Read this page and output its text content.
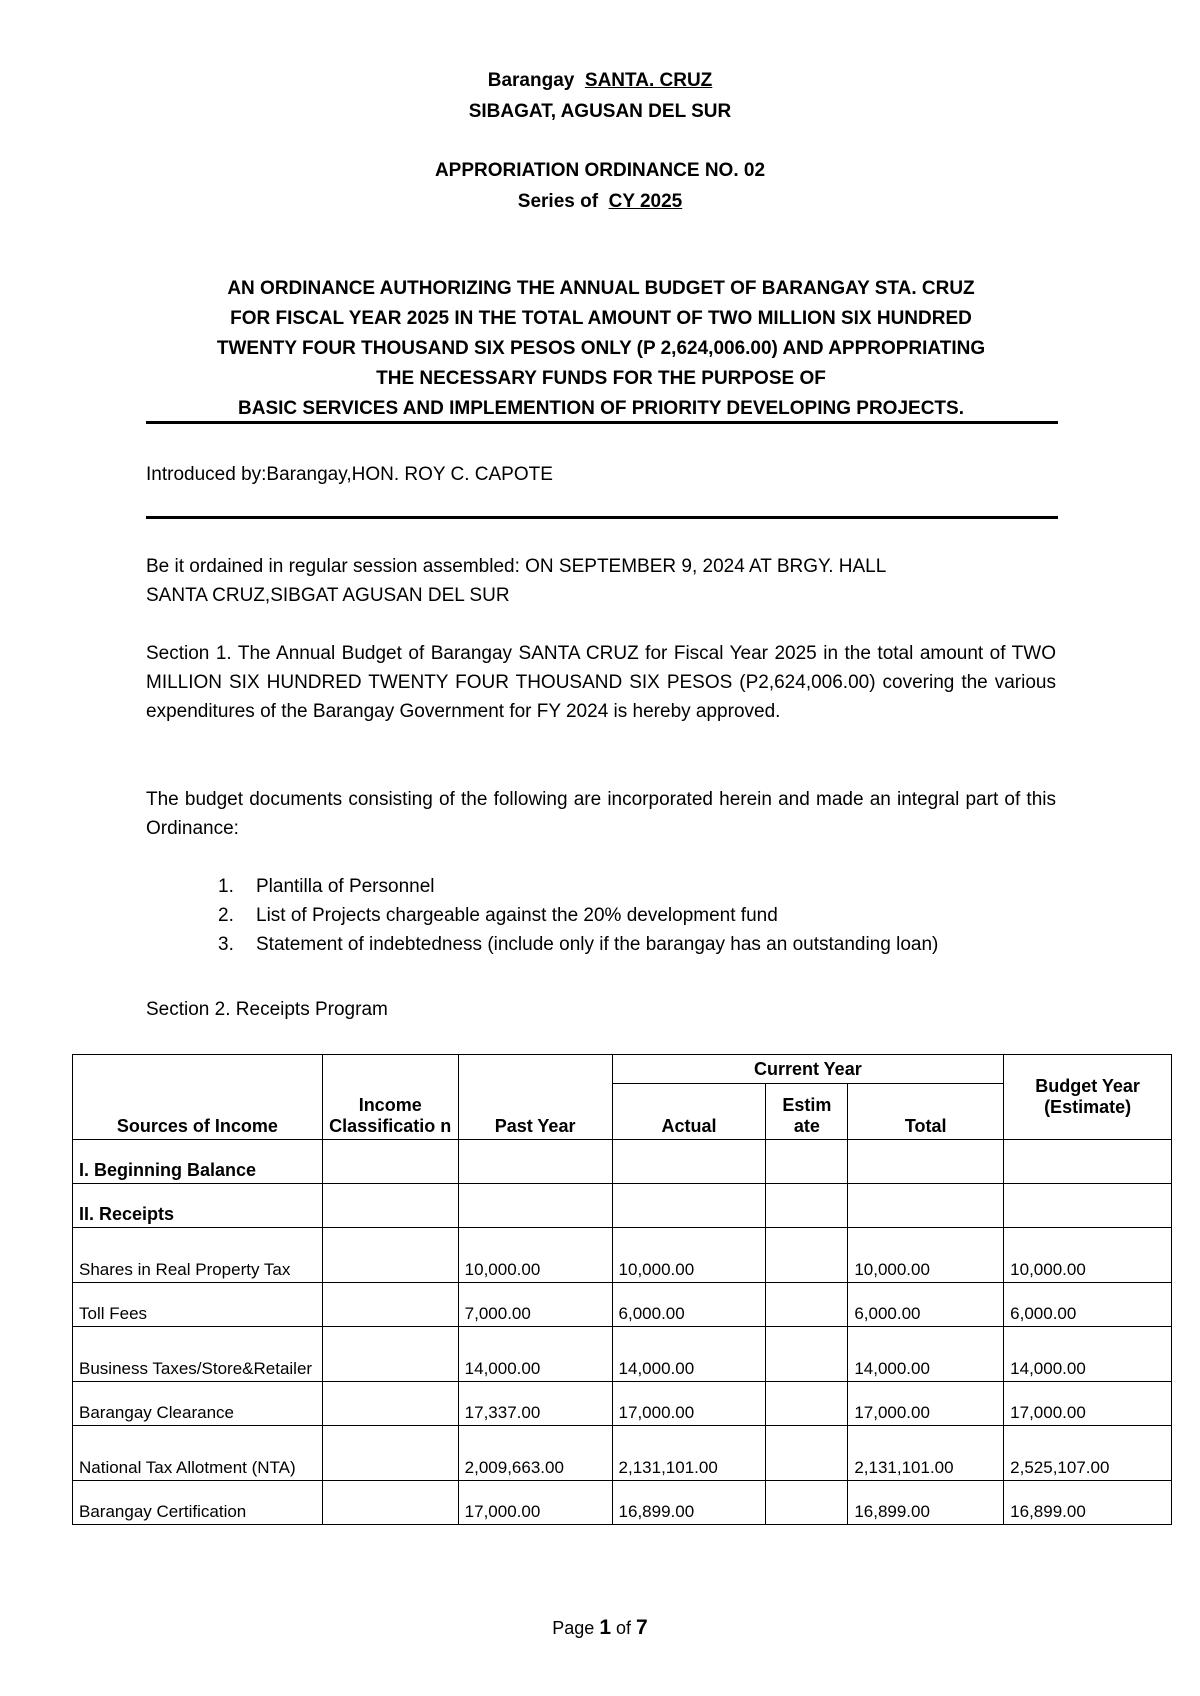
Barangay SANTA. CRUZ
SIBAGAT, AGUSAN DEL SUR
APPRORIATION ORDINANCE NO. 02
Series of CY 2025
AN ORDINANCE AUTHORIZING THE ANNUAL BUDGET OF BARANGAY STA. CRUZ
FOR FISCAL YEAR 2025 IN THE TOTAL AMOUNT OF TWO MILLION SIX HUNDRED
TWENTY FOUR THOUSAND SIX PESOS ONLY (P 2,624,006.00) AND APPROPRIATING
THE NECESSARY FUNDS FOR THE PURPOSE OF
BASIC SERVICES AND IMPLEMENTION OF PRIORITY DEVELOPING PROJECTS.
Introduced by:Barangay,HON. ROY C. CAPOTE
Be it ordained in regular session assembled: ON SEPTEMBER 9, 2024 AT BRGY. HALL
SANTA CRUZ,SIBGAT AGUSAN DEL SUR
Section 1. The Annual Budget of Barangay SANTA CRUZ for Fiscal Year 2025 in the total amount of TWO MILLION SIX HUNDRED TWENTY FOUR THOUSAND SIX PESOS (P2,624,006.00) covering the various expenditures of the Barangay Government for FY 2024 is hereby approved.
The budget documents consisting of the following are incorporated herein and made an integral part of this Ordinance:
1. Plantilla of Personnel
2. List of Projects chargeable against the 20% development fund
3. Statement of indebtedness (include only if the barangay has an outstanding loan)
Section 2. Receipts Program
Sources of Income	Income Classificatio n	Past Year	Current Year			Budget Year (Estimate)
			Actual	Estim ate	Total	
I. Beginning Balance						
II. Receipts						
Shares in Real Property Tax		10,000.00	10,000.00		10,000.00	10,000.00
Toll Fees		7,000.00	6,000.00		6,000.00	6,000.00
Business Taxes/Store&Retailer		14,000.00	14,000.00		14,000.00	14,000.00
Barangay Clearance		17,337.00	17,000.00		17,000.00	17,000.00
National Tax Allotment (NTA)		2,009,663.00	2,131,101.00		2,131,101.00	2,525,107.00
Barangay Certification		17,000.00	16,899.00		16,899.00	16,899.00
Page 1 of 7
